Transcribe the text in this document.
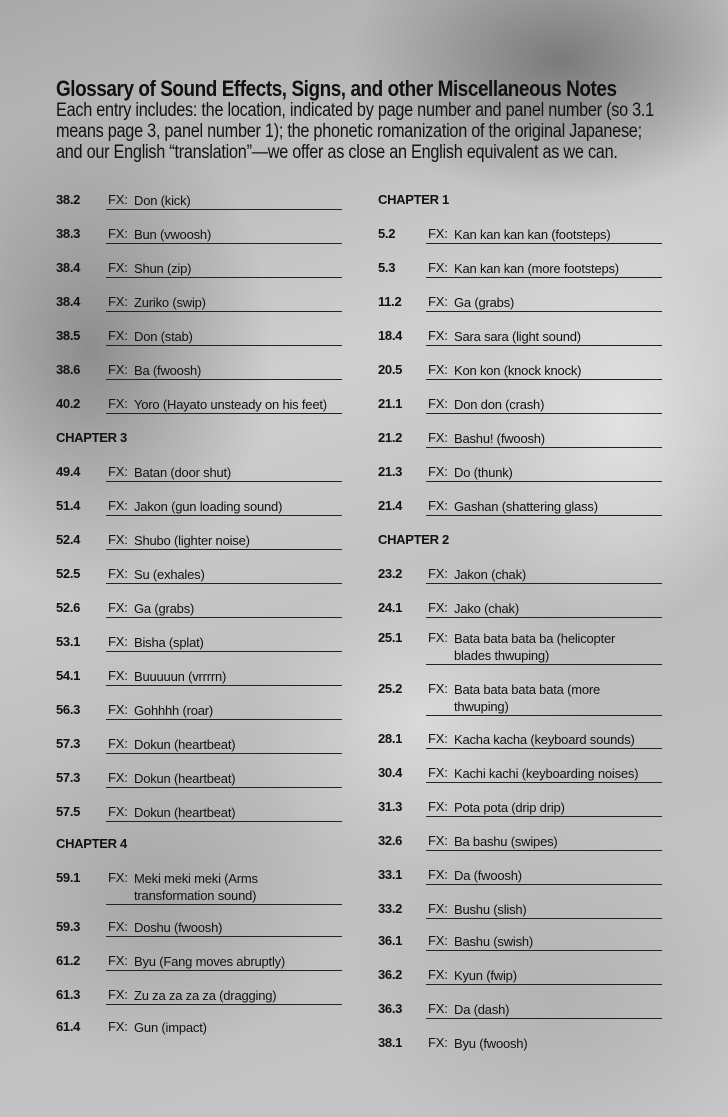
Glossary of Sound Effects, Signs, and other Miscellaneous Notes
Each entry includes: the location, indicated by page number and panel number (so 3.1 means page 3, panel number 1); the phonetic romanization of the original Japanese; and our English “translation”—we offer as close an English equivalent as we can.
38.2 FX: Don (kick)
38.3 FX: Bun (vwoosh)
38.4 FX: Shun (zip)
38.4 FX: Zuriko (swip)
38.5 FX: Don (stab)
38.6 FX: Ba (fwoosh)
40.2 FX: Yoro (Hayato unsteady on his feet)
CHAPTER 3
49.4 FX: Batan (door shut)
51.4 FX: Jakon (gun loading sound)
52.4 FX: Shubo (lighter noise)
52.5 FX: Su (exhales)
52.6 FX: Ga (grabs)
53.1 FX: Bisha (splat)
54.1 FX: Buuuuun (vrrrrn)
56.3 FX: Gohhhh (roar)
57.3 FX: Dokun (heartbeat)
57.3 FX: Dokun (heartbeat)
57.5 FX: Dokun (heartbeat)
CHAPTER 4
59.1 FX: Meki meki meki (Arms transformation sound)
59.3 FX: Doshu (fwoosh)
61.2 FX: Byu (Fang moves abruptly)
61.3 FX: Zu za za za za (dragging)
61.4 FX: Gun (impact)
CHAPTER 1
5.2	FX: Kan kan kan kan (footsteps)
5.3	FX: Kan kan kan (more footsteps)
11.2 FX: Ga (grabs)
18.4 FX: Sara sara (light sound)
20.5 FX: Kon kon (knock knock)
21.1 FX: Don don (crash)
21.2 FX: Bashu! (fwoosh)
21.3 FX: Do (thunk)
21.4 FX: Gashan (shattering glass)
CHAPTER 2
23.2 FX: Jakon (chak)
24.1 FX: Jako (chak)
25.1 FX: Bata bata bata ba (helicopter blades thwuping)
25.2 FX: Bata bata bata bata (more thwuping)
28.1 FX: Kacha kacha (keyboard sounds)
30.4 FX: Kachi kachi (keyboarding noises)
31.3 FX: Pota pota (drip drip)
32.6 FX: Ba bashu (swipes)
33.1 FX: Da (fwoosh)
33.2 FX: Bushu (slish)
36.1 FX: Bashu (swish)
36.2 FX: Kyun (fwip)
36.3 FX: Da (dash)
38.1 FX: Byu (fwoosh)
